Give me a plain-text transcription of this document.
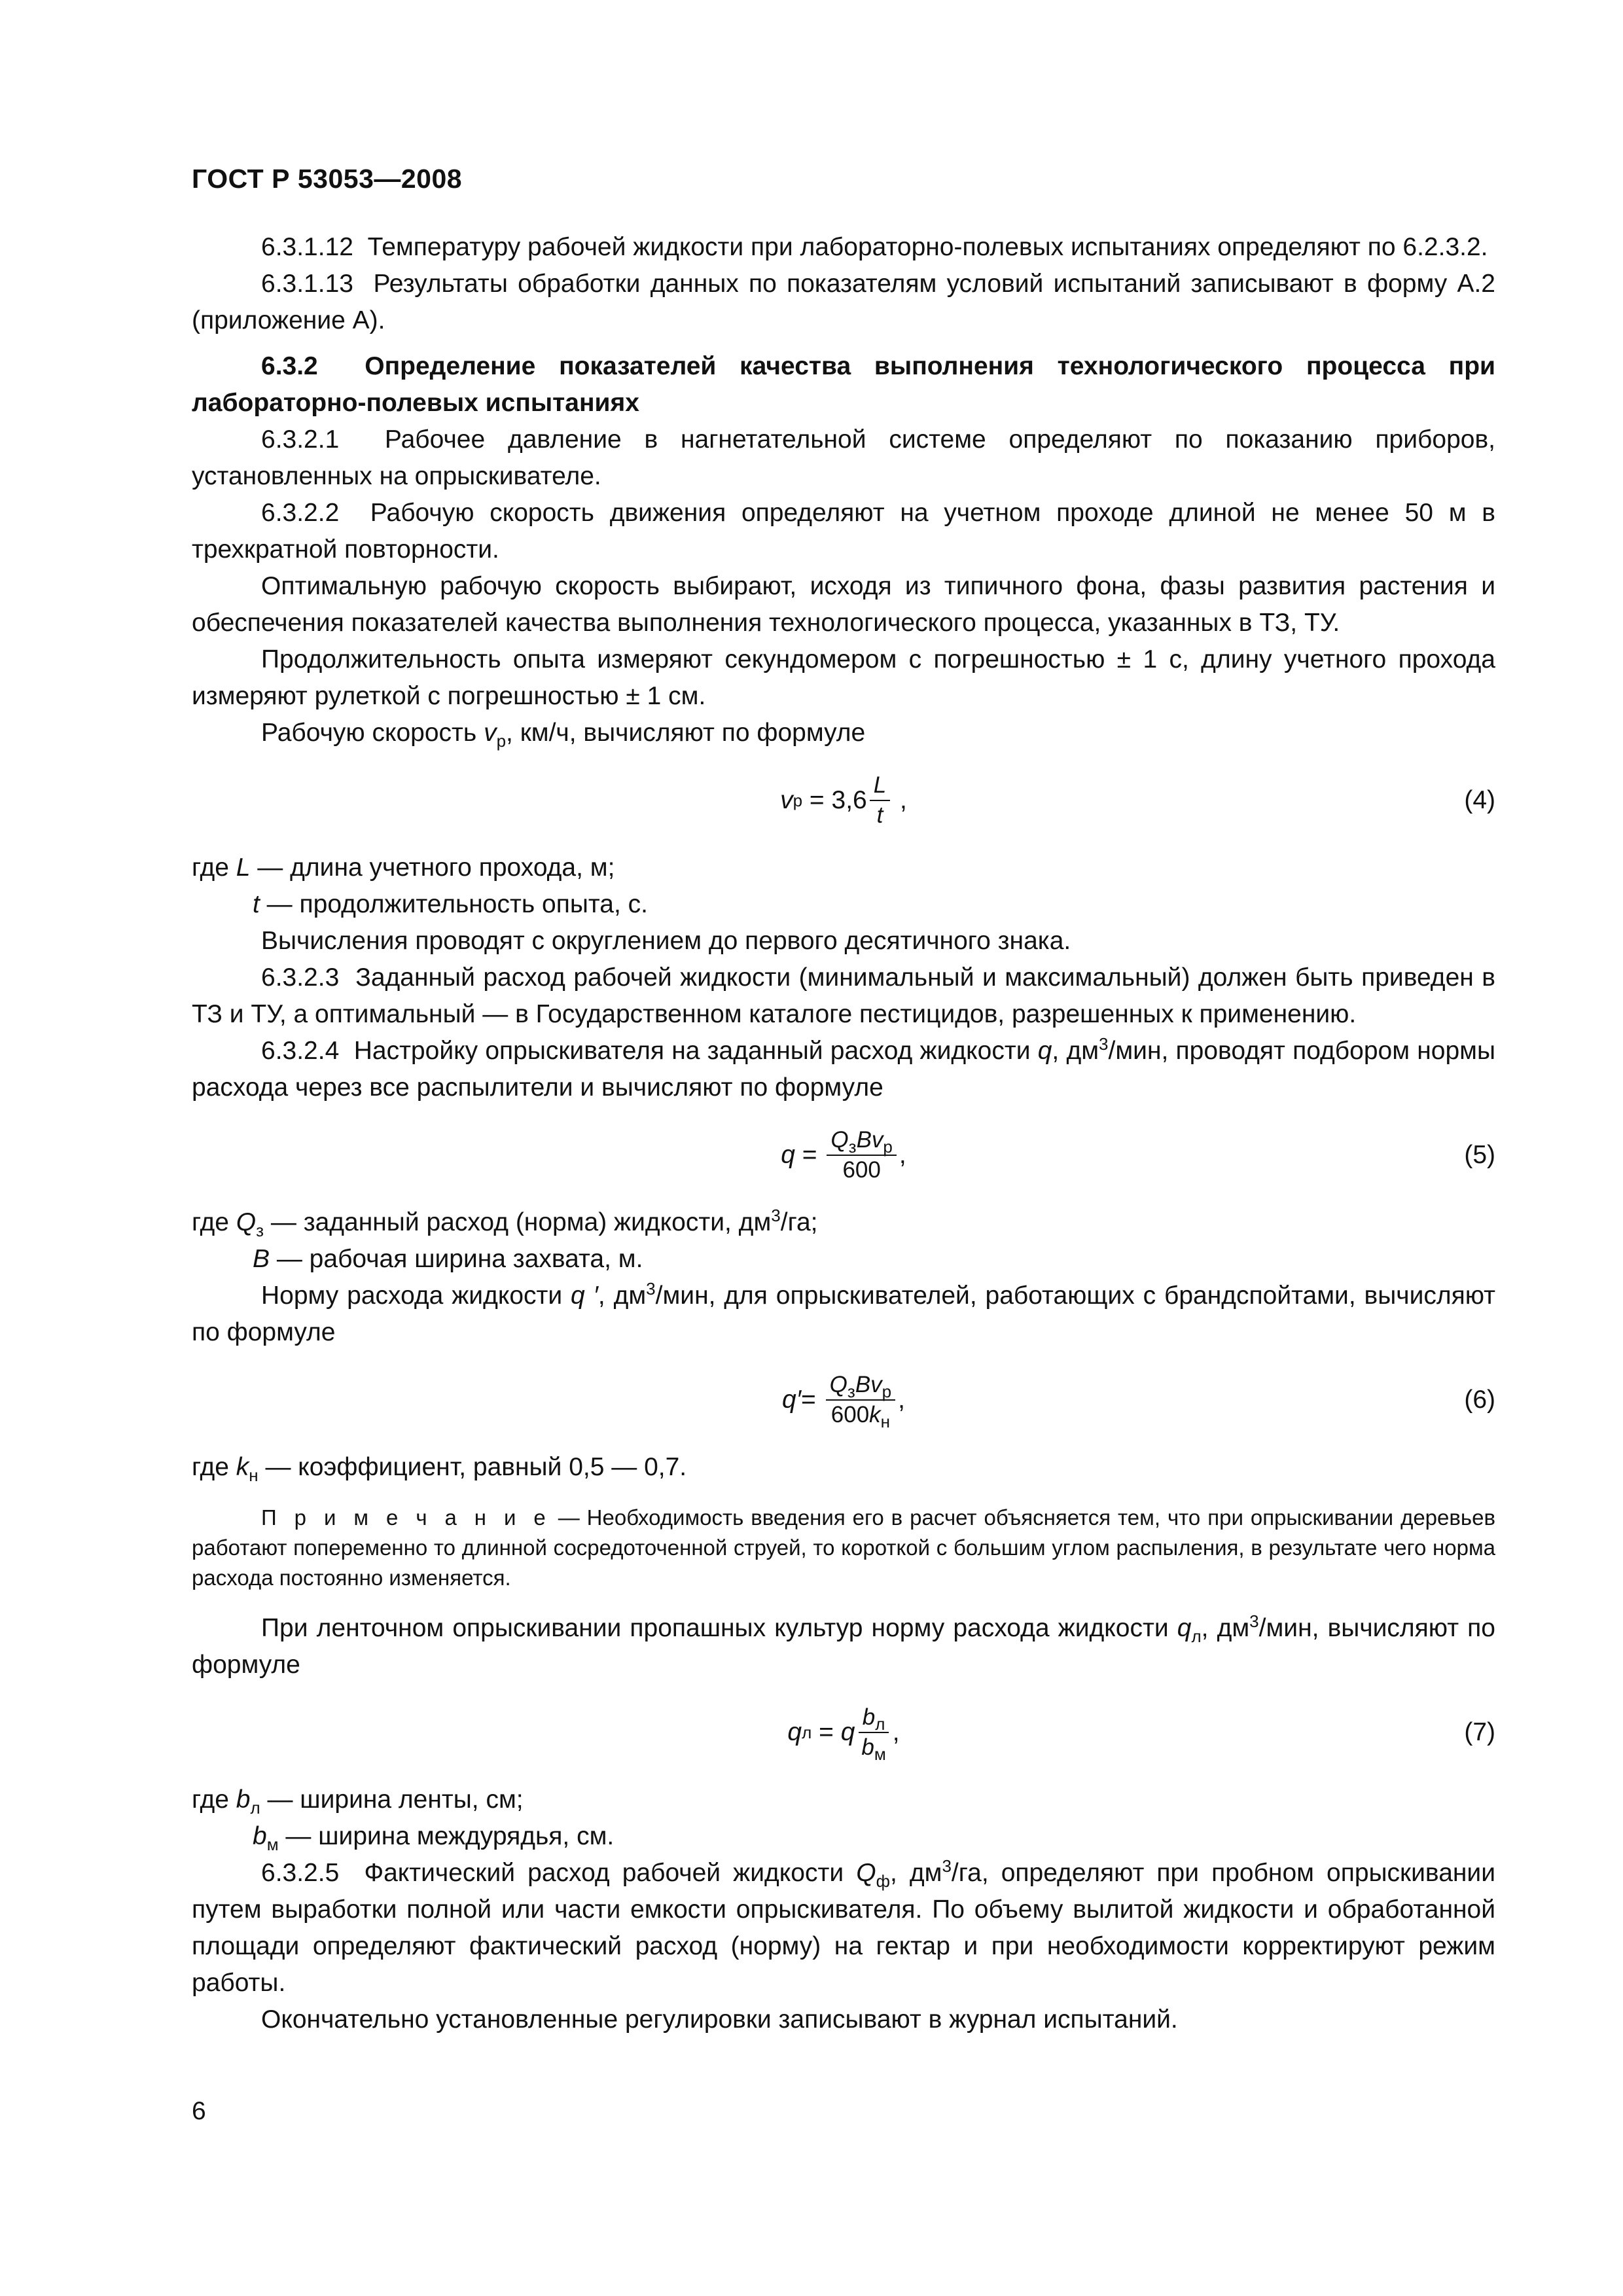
ГОСТ Р 53053—2008

6.3.1.12 Температуру рабочей жидкости при лабораторно-полевых испытаниях определяют по 6.2.3.2.

6.3.1.13 Результаты обработки данных по показателям условий испытаний записывают в форму А.2 (приложение А).

6.3.2 Определение показателей качества выполнения технологического процесса при лабораторно-полевых испытаниях

6.3.2.1 Рабочее давление в нагнетательной системе определяют по показанию приборов, установленных на опрыскивателе.

6.3.2.2 Рабочую скорость движения определяют на учетном проходе длиной не менее 50 м в трехкратной повторности.

Оптимальную рабочую скорость выбирают, исходя из типичного фона, фазы развития растения и обеспечения показателей качества выполнения технологического процесса, указанных в ТЗ, ТУ.

Продолжительность опыта измеряют секундомером с погрешностью ± 1 с, длину учетного прохода измеряют рулеткой с погрешностью ± 1 см.

Рабочую скорость $v_р$, км/ч, вычисляют по формуле

v $р = 3,6 \frac{L}{t}$ ,	(4)

где L — длина учетного прохода, м;

t — продолжительность опыта, с.

Вычисления проводят с округлением до первого десятичного знака.

6.3.2.3 Заданный расход рабочей жидкости (минимальный и максимальный) должен быть приведен в ТЗ и ТУ, а оптимальный — в Государственном каталоге пестицидов, разрешенных к применению.

6.3.2.4 Настройку опрыскивателя на заданный расход жидкости q, $дм^3$/мин, проводят подбором нормы расхода через все распылители и вычисляют по формуле

$q = \frac{Q_зBv_р}{600}$ ,	(5)

где $Q_з$ — заданный расход (норма) жидкости, $дм^3/га$;

B — рабочая ширина захвата, м.

Норму расхода жидкости q ′, $дм^3$/мин, для опрыскивателей, работающих с брандспойтами, вычисляют по формуле

$q' = \frac{Q_зBv_р}{600k_н}$ ,	(6)

где $k_н$ — коэффициент, равный 0,5 — 0,7.

П р и м е ч а н и е — Необходимость введения его в расчет объясняется тем, что при опрыскивании деревьев работают попеременно то длинной сосредоточенной струей, то короткой с большим углом распыления, в результате чего норма расхода постоянно изменяется.

При ленточном опрыскивании пропашных культур норму расхода жидкости $q_л$, $дм^3$/мин, вычисляют по формуле

q л = q $\frac{b_л}{b_м}$ ,	(7)

где $b_л$ — ширина ленты, см;

$b_м$ — ширина междурядья, см.

6.3.2.5 Фактический расход рабочей жидкости $Q_ф$, $дм^3/га$, определяют при пробном опрыскивании путем выработки полной или части емкости опрыскивателя. По объему вылитой жидкости и обработанной площади определяют фактический расход (норму) на гектар и при необходимости корректируют режим работы.

Окончательно установленные регулировки записывают в журнал испытаний.

6
